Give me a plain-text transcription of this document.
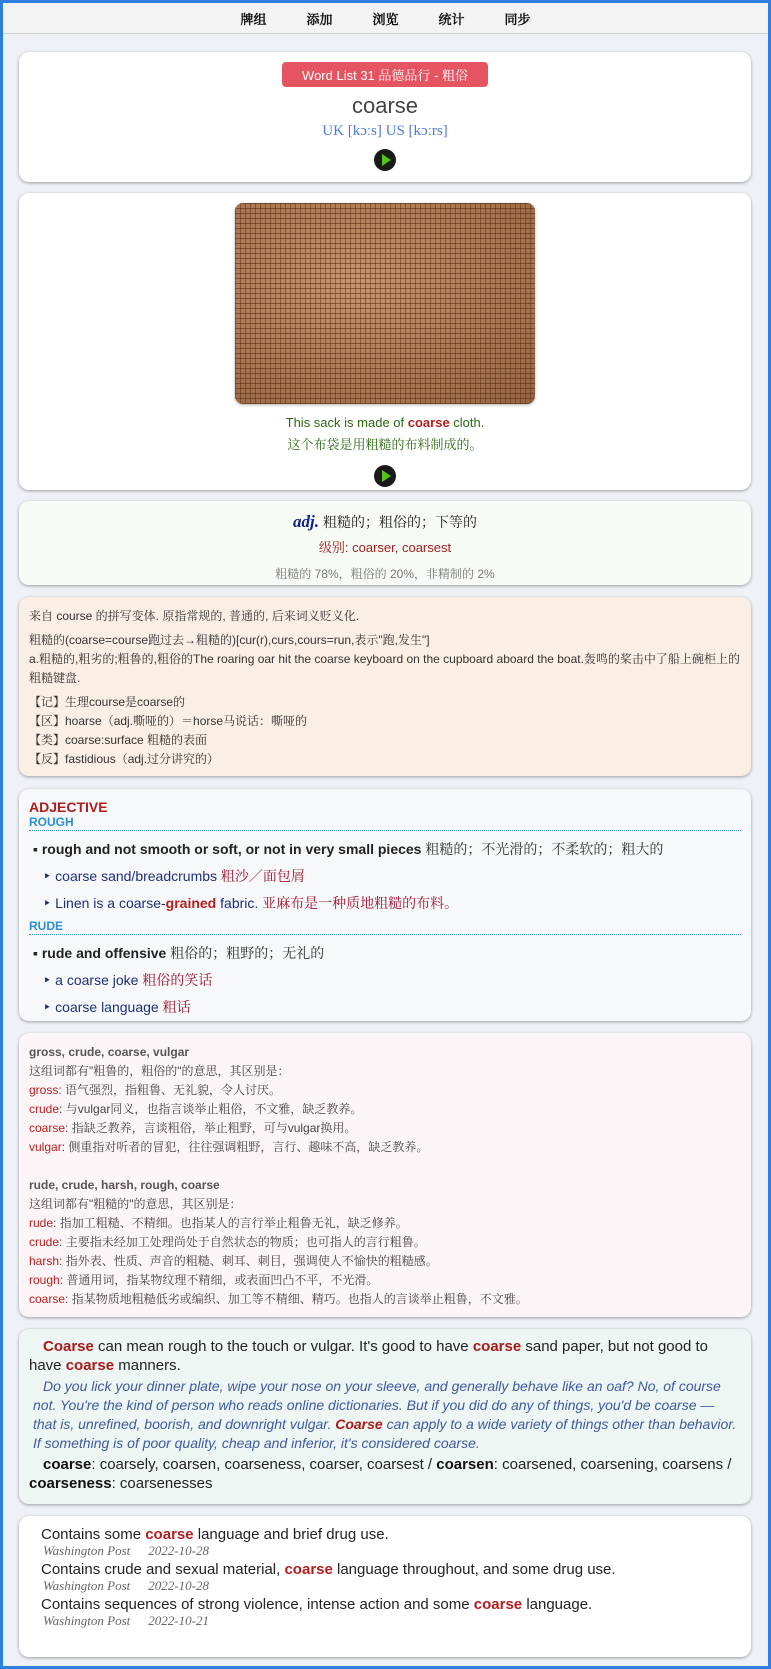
牌组	添加	浏览	统计	同步
Word List 31 品德品行 - 粗俗
coarse
UK [kɔːs] US [kɔːrs]
This sack is made of coarse cloth.
这个布袋是用粗糙的布料制成的。
adj. 粗糙的；粗俗的；下等的
级别: coarser, coarsest
粗糙的 78%，粗俗的 20%，非精制的 2%
来自 course 的拼写变体. 原指常规的, 普通的, 后来词义贬义化.
粗糙的(coarse=course跑过去→粗糙的)[cur(r),curs,cours=run,表示"跑,发生"]
a.粗糙的,粗劣的;粗鲁的,粗俗的The roaring oar hit the coarse keyboard on the cupboard aboard the boat.轰鸣的桨击中了船上碗柜上的粗糙键盘.
【记】生理course是coarse的
【区】hoarse（adj.嘶哑的）＝horse马说话：嘶哑的
【类】coarse:surface 粗糙的表面
【反】fastidious（adj.过分讲究的）
ADJECTIVE
ROUGH
▪ rough and not smooth or soft, or not in very small pieces 粗糙的；不光滑的；不柔软的；粗大的
‣ coarse sand/breadcrumbs 粗沙／面包屑
‣ Linen is a coarse-grained fabric. 亚麻布是一种质地粗糙的布料。
RUDE
▪ rude and offensive 粗俗的；粗野的；无礼的
‣ a coarse joke 粗俗的笑话
‣ coarse language 粗话
gross, crude, coarse, vulgar
这组词都有"粗鲁的，粗俗的"的意思，其区别是：
gross: 语气强烈，指粗鲁、无礼貌，令人讨厌。
crude: 与vulgar同义，也指言谈举止粗俗，不文雅，缺乏教养。
coarse: 指缺乏教养，言谈粗俗，举止粗野，可与vulgar换用。
vulgar: 侧重指对听者的冒犯，往往强调粗野，言行、趣味不高，缺乏教养。
rude, crude, harsh, rough, coarse
这组词都有"粗糙的"的意思，其区别是：
rude: 指加工粗糙、不精细。也指某人的言行举止粗鲁无礼，缺乏修养。
crude: 主要指未经加工处理尚处于自然状态的物质；也可指人的言行粗鲁。
harsh: 指外表、性质、声音的粗糙、刺耳、刺目，强调使人不愉快的粗糙感。
rough: 普通用词，指某物纹理不精细，或表面凹凸不平，不光滑。
coarse: 指某物质地粗糙低劣或编织、加工等不精细、精巧。也指人的言谈举止粗鲁，不文雅。
Coarse can mean rough to the touch or vulgar. It's good to have coarse sand paper, but not good to have coarse manners.
Do you lick your dinner plate, wipe your nose on your sleeve, and generally behave like an oaf? No, of course not. You're the kind of person who reads online dictionaries. But if you did do any of things, you'd be coarse — that is, unrefined, boorish, and downright vulgar. Coarse can apply to a wide variety of things other than behavior. If something is of poor quality, cheap and inferior, it's considered coarse.
coarse: coarsely, coarsen, coarseness, coarser, coarsest / coarsen: coarsened, coarsening, coarsens / coarseness: coarsenesses
Contains some coarse language and brief drug use.
Washington Post 2022-10-28
Contains crude and sexual material, coarse language throughout, and some drug use.
Washington Post 2022-10-28
Contains sequences of strong violence, intense action and some coarse language.
Washington Post 2022-10-21
